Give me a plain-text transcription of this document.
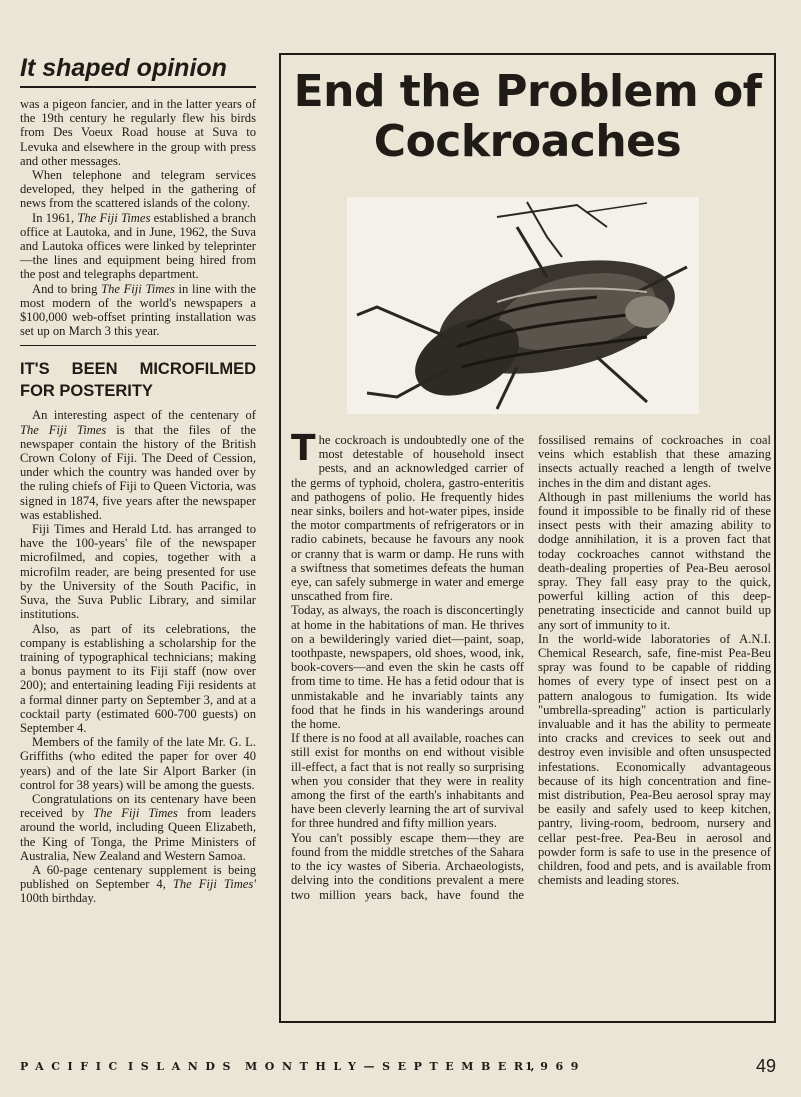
It shaped opinion

was a pigeon fancier, and in the latter years of the 19th century he regularly flew his birds from Des Voeux Road house at Suva to Levuka and elsewhere in the group with press and other messages.

When telephone and telegram services developed, they helped in the gathering of news from the scattered islands of the colony.

In 1961, The Fiji Times established a branch office at Lautoka, and in June, 1962, the Suva and Lautoka offices were linked by teleprinter—the lines and equipment being hired from the post and telegraphs department.

And to bring The Fiji Times in line with the most modern of the world's newspapers a $100,000 web-offset printing installation was set up on March 3 this year.

IT'S BEEN MICROFILMED FOR POSTERITY

An interesting aspect of the centenary of The Fiji Times is that the files of the newspaper contain the history of the British Crown Colony of Fiji. The Deed of Cession, under which the country was handed over by the ruling chiefs of Fiji to Queen Victoria, was signed in 1874, five years after the newspaper was established.

Fiji Times and Herald Ltd. has arranged to have the 100-years' file of the newspaper microfilmed, and copies, together with a microfilm reader, are being presented for use by the University of the South Pacific, in Suva, the Suva Public Library, and similar institutions.

Also, as part of its celebrations, the company is establishing a scholarship for the training of typographical technicians; making a bonus payment to its Fiji staff (now over 200); and entertaining leading Fiji residents at a formal dinner party on September 3, and at a cocktail party (estimated 600-700 guests) on September 4.

Members of the family of the late Mr. G. L. Griffiths (who edited the paper for over 40 years) and of the late Sir Alport Barker (in control for 38 years) will be among the guests.

Congratulations on its centenary have been received by The Fiji Times from leaders around the world, including Queen Elizabeth, the King of Tonga, the Prime Ministers of Australia, New Zealand and Western Samoa.

A 60-page centenary supplement is being published on September 4, The Fiji Times' 100th birthday.

End the Problem of
Cockroaches

The cockroach is undoubtedly one of the most detestable of household insect pests, and an acknowledged carrier of the germs of typhoid, cholera, gastro-enteritis and pathogens of polio. He frequently hides near sinks, boilers and hot-water pipes, inside the motor compartments of refrigerators or in radio cabinets, because he favours any nook or cranny that is warm or damp. He runs with a swiftness that sometimes defeats the human eye, can safely submerge in water and emerge unscathed from fire.

Today, as always, the roach is disconcertingly at home in the habitations of man. He thrives on a bewilderingly varied diet—paint, soap, toothpaste, newspapers, old shoes, wood, ink, book-covers—and even the skin he casts off from time to time. He has a fetid odour that is unmistakable and he invariably taints any food that he finds in his wanderings around the home.

If there is no food at all available, roaches can still exist for months on end without visible ill-effect, a fact that is not really so surprising when you consider that they were in reality among the first of the earth's inhabitants and have been cleverly learning the art of survival for three hundred and fifty million years.

You can't possibly escape them—they are found from the middle stretches of the Sahara to the icy wastes of Siberia. Archaeologists, delving into the conditions prevalent a mere two million years back, have found the fossilised remains of cockroaches in coal veins which establish that these amazing insects actually reached a length of twelve inches in the dim and distant ages.

Although in past milleniums the world has found it impossible to be finally rid of these insect pests with their amazing ability to dodge annihilation, it is a proven fact that today cockroaches cannot withstand the death-dealing properties of Pea-Beu aerosol spray. They fall easy pray to the quick, powerful killing action of this deep-penetrating insecticide and cannot build up any sort of immunity to it.

In the world-wide laboratories of A.N.I. Chemical Research, safe, fine-mist Pea-Beu spray was found to be capable of ridding homes of every type of insect pest on a pattern analogous to fumigation. Its wide "umbrella-spreading" action is particularly invaluable and it has the ability to permeate into cracks and crevices to seek out and destroy even invisible and often unsuspected infestations. Economically advantageous because of its high concentration and fine-mist distribution, Pea-Beu aerosol spray may be easily and safely used to keep kitchen, pantry, living-room, bedroom, nursery and cellar pest-free. Pea-Beu in aerosol and powder form is safe to use in the presence of children, food and pets, and is available from chemists and leading stores.

PACIFIC ISLANDS MONTHLY—SEPTEMBER,
1969	49
